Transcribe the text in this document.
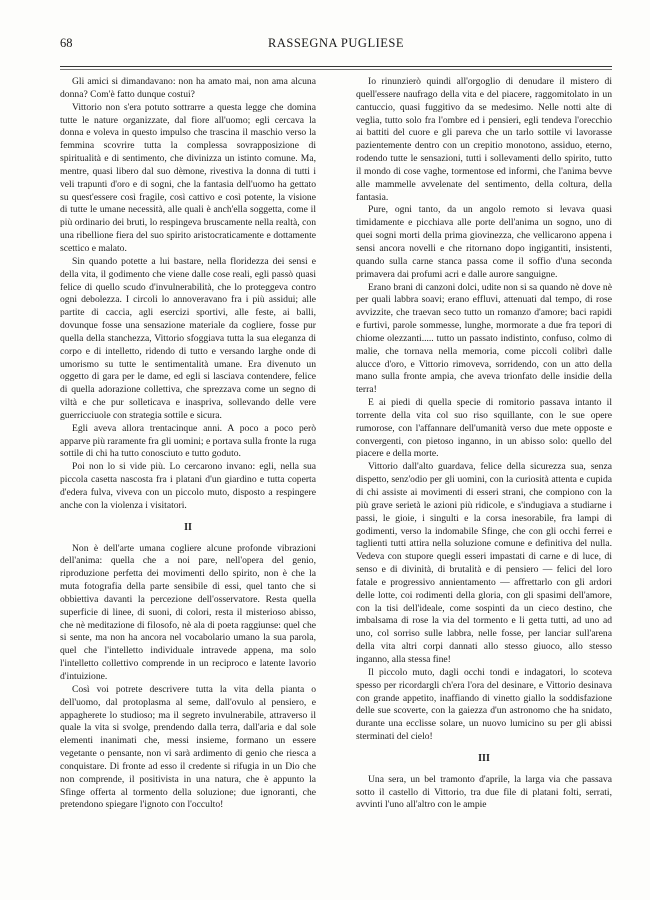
68	RASSEGNA PUGLIESE

Gli amici si dimandavano: non ha amato mai, non ama alcuna donna? Com'è fatto dunque costui?

Vittorio non s'era potuto sottrarre a questa legge che domina tutte le nature organizzate, dal fiore all'uomo; egli cercava la donna e voleva in questo impulso che trascina il maschio verso la femmina scovrire tutta la complessa sovrapposizione di spiritualità e di sentimento, che divinizza un istinto comune. Ma, mentre, quasi libero dal suo dèmone, rivestiva la donna di tutti i veli trapunti d'oro e di sogni, che la fantasia dell'uomo ha gettato su quest'essere così fragile, così cattivo e così potente, la visione di tutte le umane necessità, alle quali è anch'ella soggetta, come il più ordinario dei bruti, lo respingeva bruscamente nella realtà, con una ribellione fiera del suo spirito aristocraticamente e dottamente scettico e malato.

Sin quando potette a lui bastare, nella floridezza dei sensi e della vita, il godimento che viene dalle cose reali, egli passò quasi felice di quello scudo d'invulnerabilità, che lo proteggeva contro ogni debolezza. I circoli lo annoveravano fra i più assidui; alle partite di caccia, agli esercizi sportivi, alle feste, ai balli, dovunque fosse una sensazione materiale da cogliere, fosse pur quella della stanchezza, Vittorio sfoggiava tutta la sua eleganza di corpo e di intelletto, ridendo di tutto e versando larghe onde di umorismo su tutte le sentimentalità umane. Era divenuto un oggetto di gara per le dame, ed egli si lasciava contendere, felice di quella adorazione collettiva, che sprezzava come un segno di viltà e che pur solleticava e inaspriva, sollevando delle vere guerricciuole con strategia sottile e sicura.

Egli aveva allora trentacinque anni. A poco a poco però apparve più raramente fra gli uomini; e portava sulla fronte la ruga sottile di chi ha tutto conosciuto e tutto goduto.

Poi non lo si vide più. Lo cercarono invano: egli, nella sua piccola casetta nascosta fra i platani d'un giardino e tutta coperta d'edera fulva, viveva con un piccolo muto, disposto a respingere anche con la violenza i visitatori.

II

Non è dell'arte umana cogliere alcune profonde vibrazioni dell'anima: quella che a noi pare, nell'opera del genio, riproduzione perfetta dei movimenti dello spirito, non è che la muta fotografia della parte sensibile di essi, quel tanto che si obbiettiva davanti la percezione dell'osservatore. Resta quella superficie di linee, di suoni, di colori, resta il misterioso abisso, che nè meditazione di filosofo, nè ala di poeta raggiunse: quel che si sente, ma non ha ancora nel vocabolario umano la sua parola, quel che l'intelletto individuale intravede appena, ma solo l'intelletto collettivo comprende in un reciproco e latente lavorio d'intuizione.

Così voi potrete descrivere tutta la vita della pianta o dell'uomo, dal protoplasma al seme, dall'ovulo al pensiero, e appagherete lo studioso; ma il segreto invulnerabile, attraverso il quale la vita si svolge, prendendo dalla terra, dall'aria e dal sole elementi inanimati che, messi insieme, formano un essere vegetante o pensante, non vi sarà ardimento di genio che riesca a conquistare. Di fronte ad esso il credente si rifugia in un Dio che non comprende, il positivista in una natura, che è appunto la Sfinge offerta al tormento della soluzione; due ignoranti, che pretendono spiegare l'ignoto con l'occulto!

Io rinunzierò quindi all'orgoglio di denudare il mistero di quell'essere naufrago della vita e del piacere, raggomitolato in un cantuccio, quasi fuggitivo da se medesimo. Nelle notti alte di veglia, tutto solo fra l'ombre ed i pensieri, egli tendeva l'orecchio ai battiti del cuore e gli pareva che un tarlo sottile vi lavorasse pazientemente dentro con un crepitio monotono, assiduo, eterno, rodendo tutte le sensazioni, tutti i sollevamenti dello spirito, tutto il mondo di cose vaghe, tormentose ed informi, che l'anima bevve alle mammelle avvelenate del sentimento, della coltura, della fantasia.

Pure, ogni tanto, da un angolo remoto si levava quasi timidamente e picchiava alle porte dell'anima un sogno, uno di quei sogni morti della prima giovinezza, che vellicarono appena i sensi ancora novelli e che ritornano dopo ingigantiti, insistenti, quando sulla carne stanca passa come il soffio d'una seconda primavera dai profumi acri e dalle aurore sanguigne.

Erano brani di canzoni dolci, udite non si sa quando nè dove nè per quali labbra soavi; erano effluvi, attenuati dal tempo, di rose avvizzite, che traevan seco tutto un romanzo d'amore; baci rapidi e furtivi, parole sommesse, lunghe, mormorate a due fra tepori di chiome olezzanti..... tutto un passato indistinto, confuso, colmo di malie, che tornava nella memoria, come piccoli colibrì dalle alucce d'oro, e Vittorio rimoveva, sorridendo, con un atto della mano sulla fronte ampia, che aveva trionfato delle insidie della terra!

E ai piedi di quella specie di romitorio passava intanto il torrente della vita col suo riso squillante, con le sue opere rumorose, con l'affannare dell'umanità verso due mete opposte e convergenti, con pietoso inganno, in un abisso solo: quello del piacere e della morte.

Vittorio dall'alto guardava, felice della sicurezza sua, senza dispetto, senz'odio per gli uomini, con la curiosità attenta e cupida di chi assiste ai movimenti di esseri strani, che compiono con la più grave serietà le azioni più ridicole, e s'indugiava a studiarne i passi, le gioie, i singulti e la corsa inesorabile, fra lampi di godimenti, verso la indomabile Sfinge, che con gli occhi ferrei e taglienti tutti attira nella soluzione comune e definitiva del nulla. Vedeva con stupore quegli esseri impastati di carne e di luce, di senso e di divinità, di brutalità e di pensiero — felici del loro fatale e progressivo annientamento — affrettarlo con gli ardori delle lotte, coi rodimenti della gloria, con gli spasimi dell'amore, con la tisi dell'ideale, come sospinti da un cieco destino, che imbalsama di rose la via del tormento e li getta tutti, ad uno ad uno, col sorriso sulle labbra, nelle fosse, per lanciar sull'arena della vita altri corpi dannati allo stesso giuoco, allo stesso inganno, alla stessa fine!

Il piccolo muto, dagli occhi tondi e indagatori, lo scoteva spesso per ricordargli ch'era l'ora del desinare, e Vittorio desinava con grande appetito, inaffiando di vinetto giallo la soddisfazione delle sue scoverte, con la gaiezza d'un astronomo che ha snidato, durante una ecclisse solare, un nuovo lumicino su per gli abissi sterminati del cielo!

III

Una sera, un bel tramonto d'aprile, la larga via che passava sotto il castello di Vittorio, tra due file di platani folti, serrati, avvinti l'uno all'altro con le ampie
